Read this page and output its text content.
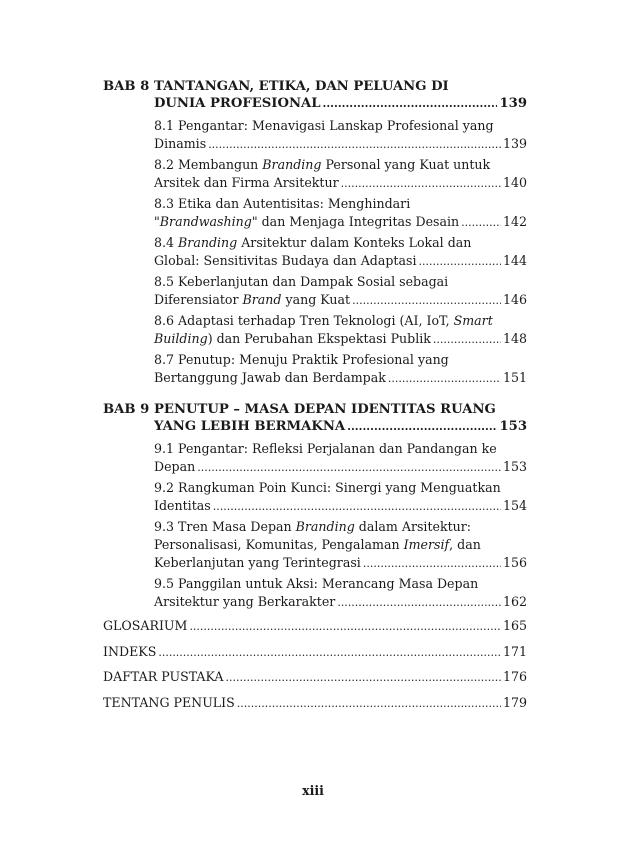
BAB 8 TANTANGAN, ETIKA, DAN PELUANG DI
DUNIA PROFESIONAL .....	139
8.1 Pengantar: Menavigasi Lanskap Profesional yang
Dinamis .....	139
8.2 Membangun Branding Personal yang Kuat untuk
Arsitek dan Firma Arsitektur .....	140
8.3 Etika dan Autentisitas: Menghindari
"Brandwashing" dan Menjaga Integritas Desain .....	142
8.4 Branding Arsitektur dalam Konteks Lokal dan
Global: Sensitivitas Budaya dan Adaptasi .....	144
8.5 Keberlanjutan dan Dampak Sosial sebagai
Diferensiator Brand yang Kuat .....	146
8.6 Adaptasi terhadap Tren Teknologi (AI, IoT, Smart
Building) dan Perubahan Ekspektasi Publik .....	148
8.7 Penutup: Menuju Praktik Profesional yang
Bertanggung Jawab dan Berdampak .....	151
BAB 9 PENUTUP – MASA DEPAN IDENTITAS RUANG
YANG LEBIH BERMAKNA .....	153
9.1 Pengantar: Refleksi Perjalanan dan Pandangan ke
Depan .....	153
9.2 Rangkuman Poin Kunci: Sinergi yang Menguatkan
Identitas .....	154
9.3 Tren Masa Depan Branding dalam Arsitektur:
Personalisasi, Komunitas, Pengalaman Imersif, dan
Keberlanjutan yang Terintegrasi .....	156
9.5 Panggilan untuk Aksi: Merancang Masa Depan
Arsitektur yang Berkarakter .....	162
GLOSARIUM .....	165
INDEKS .....	171
DAFTAR PUSTAKA .....	176
TENTANG PENULIS .....	179
xiii
